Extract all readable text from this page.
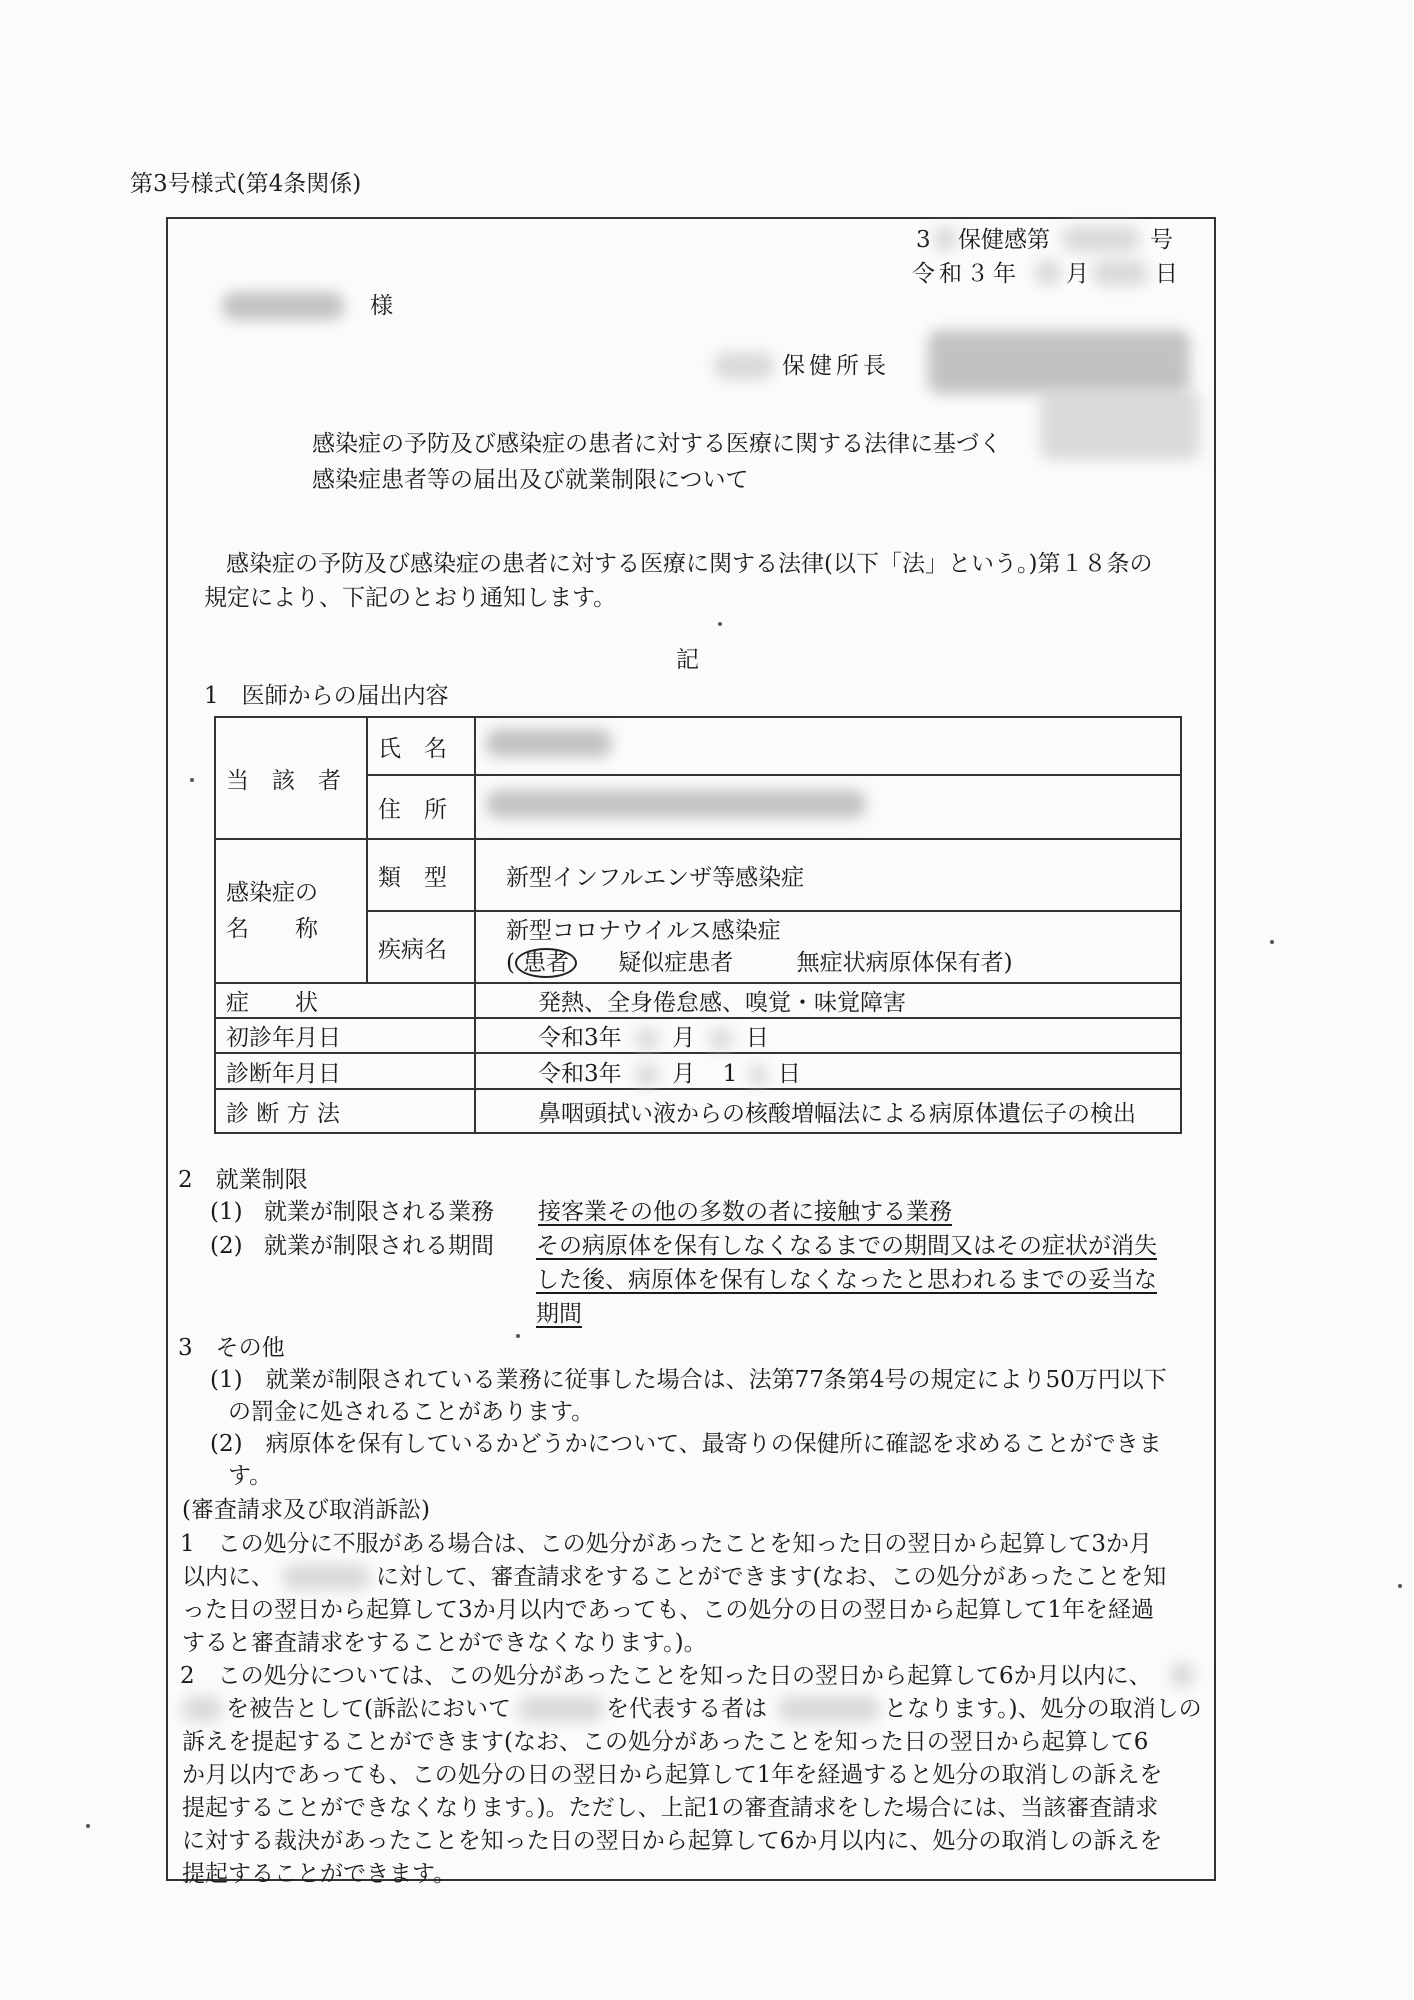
第3号様式(第4条関係)
3 保健感第	号
令和３年 月	日
様
保健所長
感染症の予防及び感染症の患者に対する医療に関する法律に基づく
感染症患者等の届出及び就業制限について
感染症の予防及び感染症の患者に対する医療に関する法律(以下「法」という。)第１８条の
規定により、下記のとおり通知します。
記
1　医師からの届出内容
当　該　者	氏　名	
	住　所	

感染症の
名　　称	類　型	新型インフルエンザ等感染症
	疾病名	新型コロナウイルス感染症
( 患者 疑似症患者 無症状病原体保有者)

症　　状		発熱、全身倦怠感、嗅覚・味覚障害
初診年月日		令和3年 月 日
診断年月日		令和3年 月 1 日
診 断 方 法		鼻咽頭拭い液からの核酸増幅法による病原体遺伝子の検出
2　就業制限
(1) 就業が制限される業務 接客業その他の多数の者に接触する業務
(2) 就業が制限される期間 その病原体を保有しなくなるまでの期間又はその症状が消失
した後、病原体を保有しなくなったと思われるまでの妥当な
期間
3　その他
(1)　就業が制限されている業務に従事した場合は、法第77条第4号の規定により50万円以下
の罰金に処されることがあります。
(2)　病原体を保有しているかどうかについて、最寄りの保健所に確認を求めることができま
す。
(審査請求及び取消訴訟)
1　この処分に不服がある場合は、この処分があったことを知った日の翌日から起算して3か月
以内に、	に対して、審査請求をすることができます(なお、この処分があったことを知
った日の翌日から起算して3か月以内であっても、この処分の日の翌日から起算して1年を経過
すると審査請求をすることができなくなります。)。
2　この処分については、この処分があったことを知った日の翌日から起算して6か月以内に、
を被告として(訴訟において	を代表する者は	となります。)、処分の取消しの
訴えを提起することができます(なお、この処分があったことを知った日の翌日から起算して6
か月以内であっても、この処分の日の翌日から起算して1年を経過すると処分の取消しの訴えを
提起することができなくなります。)。ただし、上記1の審査請求をした場合には、当該審査請求
に対する裁決があったことを知った日の翌日から起算して6か月以内に、処分の取消しの訴えを
提起することができます。
